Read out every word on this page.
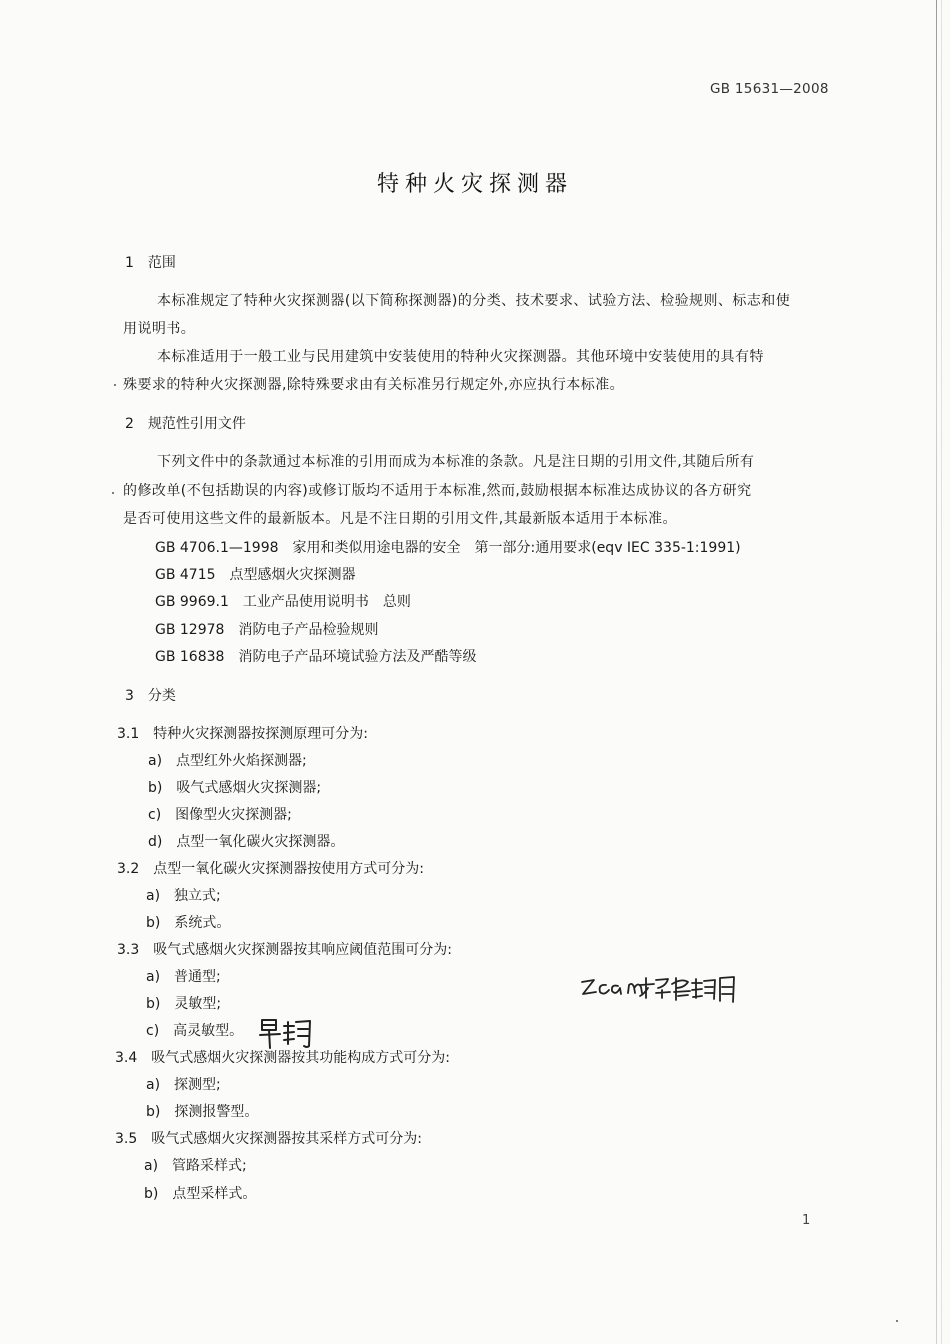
GB 15631—2008
特种火灾探测器
1　范围
本标准规定了特种火灾探测器(以下简称探测器)的分类、技术要求、试验方法、检验规则、标志和使
用说明书。
本标准适用于一般工业与民用建筑中安装使用的特种火灾探测器。其他环境中安装使用的具有特
殊要求的特种火灾探测器,除特殊要求由有关标准另行规定外,亦应执行本标准。
2　规范性引用文件
下列文件中的条款通过本标准的引用而成为本标准的条款。凡是注日期的引用文件,其随后所有
的修改单(不包括勘误的内容)或修订版均不适用于本标准,然而,鼓励根据本标准达成协议的各方研究
是否可使用这些文件的最新版本。凡是不注日期的引用文件,其最新版本适用于本标准。
GB 4706.1—1998　家用和类似用途电器的安全　第一部分:通用要求(eqv IEC 335-1:1991)
GB 4715　点型感烟火灾探测器
GB 9969.1　工业产品使用说明书　总则
GB 12978　消防电子产品检验规则
GB 16838　消防电子产品环境试验方法及严酷等级
3　分类
3.1　特种火灾探测器按探测原理可分为:
a)　点型红外火焰探测器;
b)　吸气式感烟火灾探测器;
c)　图像型火灾探测器;
d)　点型一氧化碳火灾探测器。
3.2　点型一氧化碳火灾探测器按使用方式可分为:
a)　独立式;
b)　系统式。
3.3　吸气式感烟火灾探测器按其响应阈值范围可分为:
a)　普通型;
b)　灵敏型;
c)　高灵敏型。
3.4　吸气式感烟火灾探测器按其功能构成方式可分为:
a)　探测型;
b)　探测报警型。
3.5　吸气式感烟火灾探测器按其采样方式可分为:
a)　管路采样式;
b)　点型采样式。
1
